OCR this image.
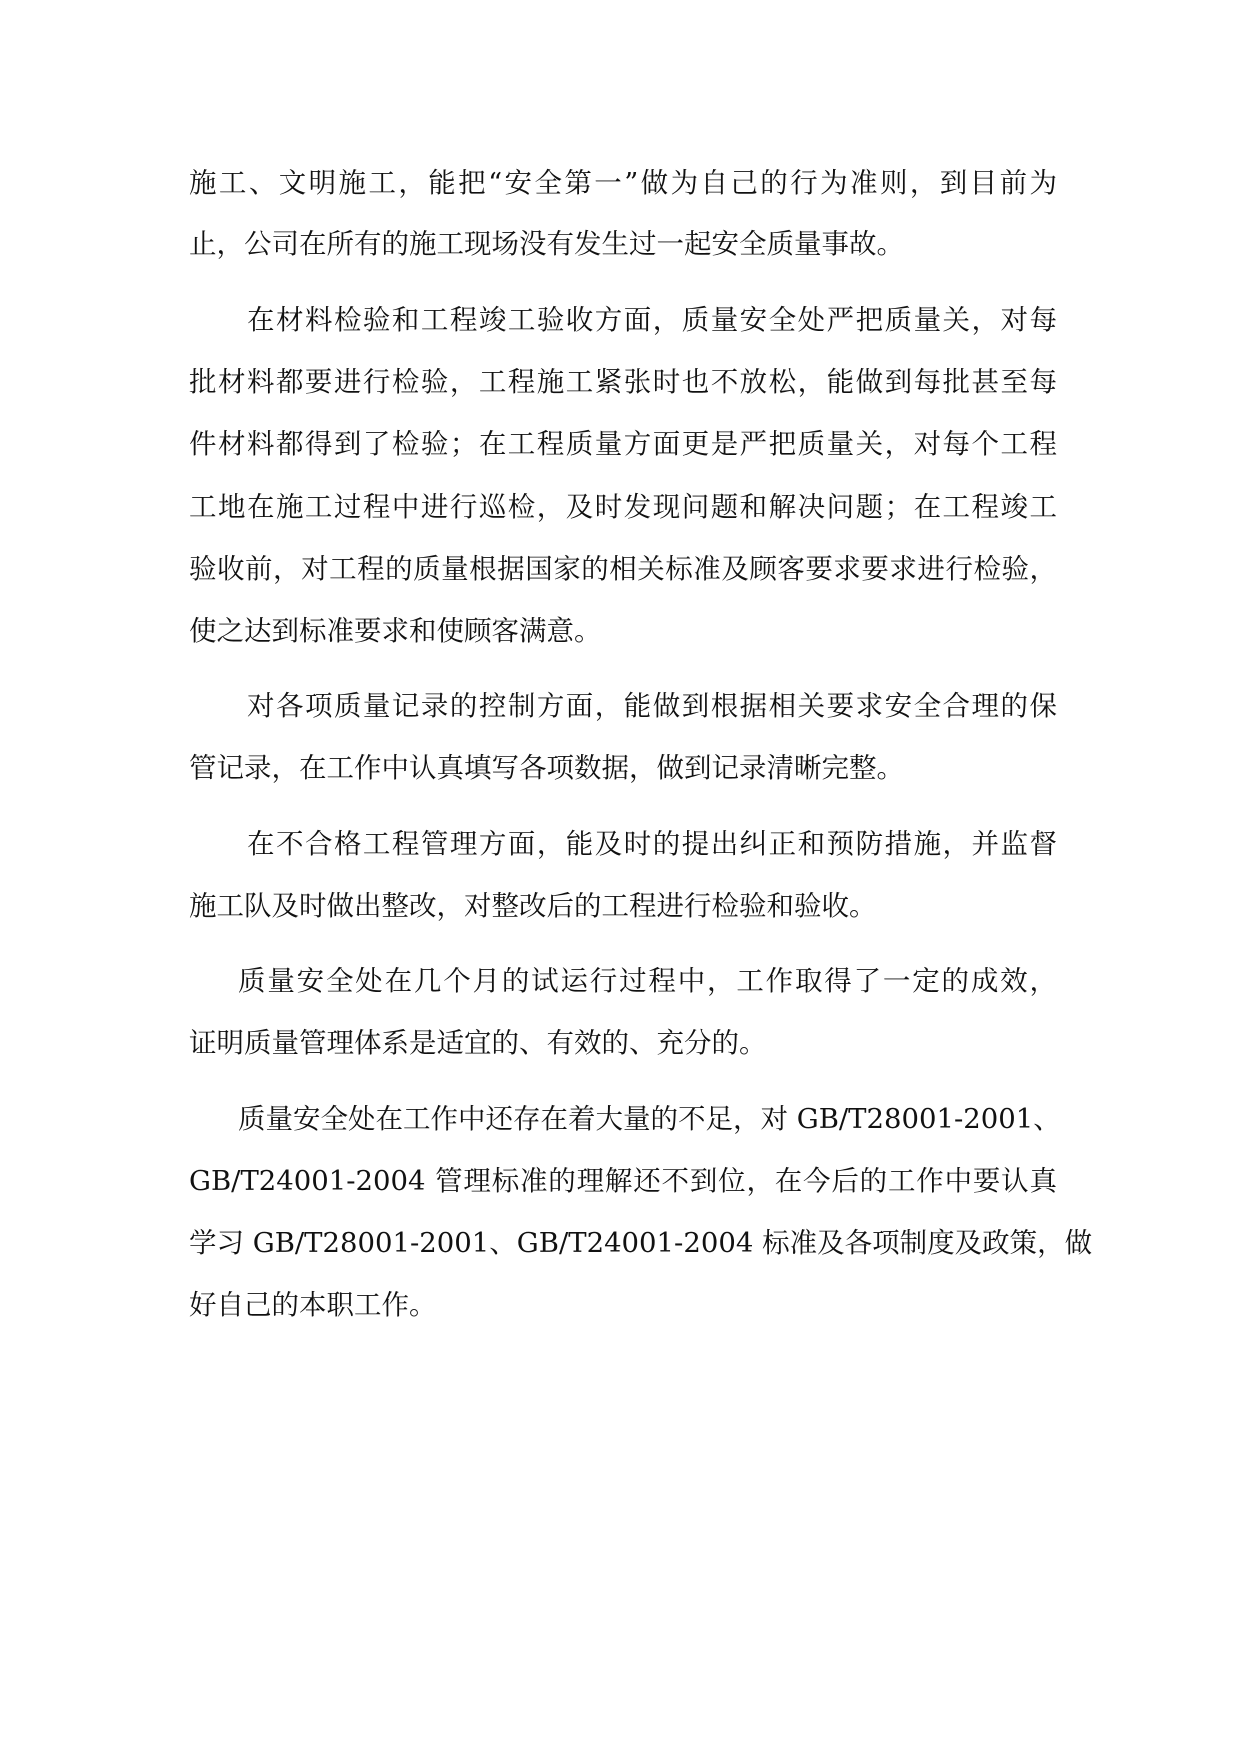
施工、文明施工，能把“安全第一”做为自己的行为准则，到目前为
止，公司在所有的施工现场没有发生过一起安全质量事故。
在材料检验和工程竣工验收方面，质量安全处严把质量关，对每
批材料都要进行检验，工程施工紧张时也不放松，能做到每批甚至每
件材料都得到了检验；在工程质量方面更是严把质量关，对每个工程
工地在施工过程中进行巡检，及时发现问题和解决问题；在工程竣工
验收前，对工程的质量根据国家的相关标准及顾客要求要求进行检验，
使之达到标准要求和使顾客满意。
对各项质量记录的控制方面，能做到根据相关要求安全合理的保
管记录，在工作中认真填写各项数据，做到记录清晰完整。
在不合格工程管理方面，能及时的提出纠正和预防措施，并监督
施工队及时做出整改，对整改后的工程进行检验和验收。
质量安全处在几个月的试运行过程中，工作取得了一定的成效，
证明质量管理体系是适宜的、有效的、充分的。
质量安全处在工作中还存在着大量的不足，对 GB/T28001-2001、
GB/T24001-2004 管理标准的理解还不到位，在今后的工作中要认真
学习 GB/T28001-2001、GB/T24001-2004 标准及各项制度及政策，做
好自己的本职工作。
